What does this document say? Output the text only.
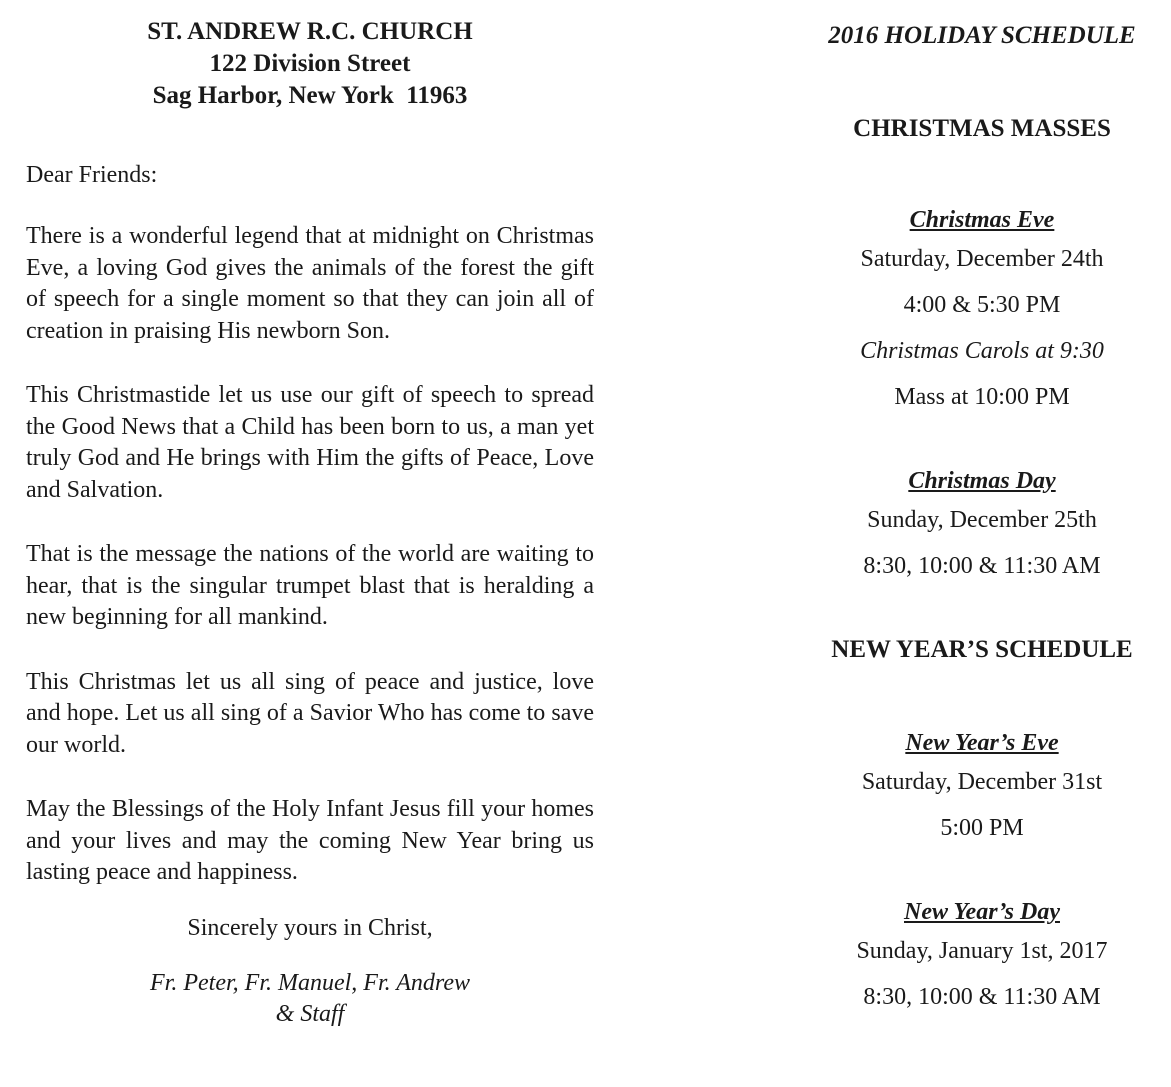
ST. ANDREW R.C. CHURCH
122 Division Street
Sag Harbor, New York  11963
Dear Friends:

There is a wonderful legend that at midnight on Christmas Eve, a loving God gives the animals of the forest the gift of speech for a single moment so that they can join all of creation in praising His newborn Son.

This Christmastide let us use our gift of speech to spread the Good News that a Child has been born to us, a man yet truly God and He brings with Him the gifts of Peace, Love and Salvation.

That is the message the nations of the world are waiting to hear, that is the singular trumpet blast that is heralding a new beginning for all mankind.

This Christmas let us all sing of peace and justice, love and hope. Let us all sing of a Savior Who has come to save our world.

May the Blessings of the Holy Infant Jesus fill your homes and your lives and may the coming New Year bring us lasting peace and happiness.

Sincerely yours in Christ,
Fr. Peter, Fr. Manuel, Fr. Andrew
& Staff
2016 HOLIDAY SCHEDULE
CHRISTMAS MASSES
Christmas Eve
Saturday, December 24th
4:00 & 5:30 PM
Christmas Carols at 9:30
Mass at 10:00 PM
Christmas Day
Sunday, December 25th
8:30, 10:00 & 11:30 AM
NEW YEAR’S SCHEDULE
New Year’s Eve
Saturday, December 31st
5:00 PM
New Year’s Day
Sunday, January 1st, 2017
8:30, 10:00 & 11:30 AM
